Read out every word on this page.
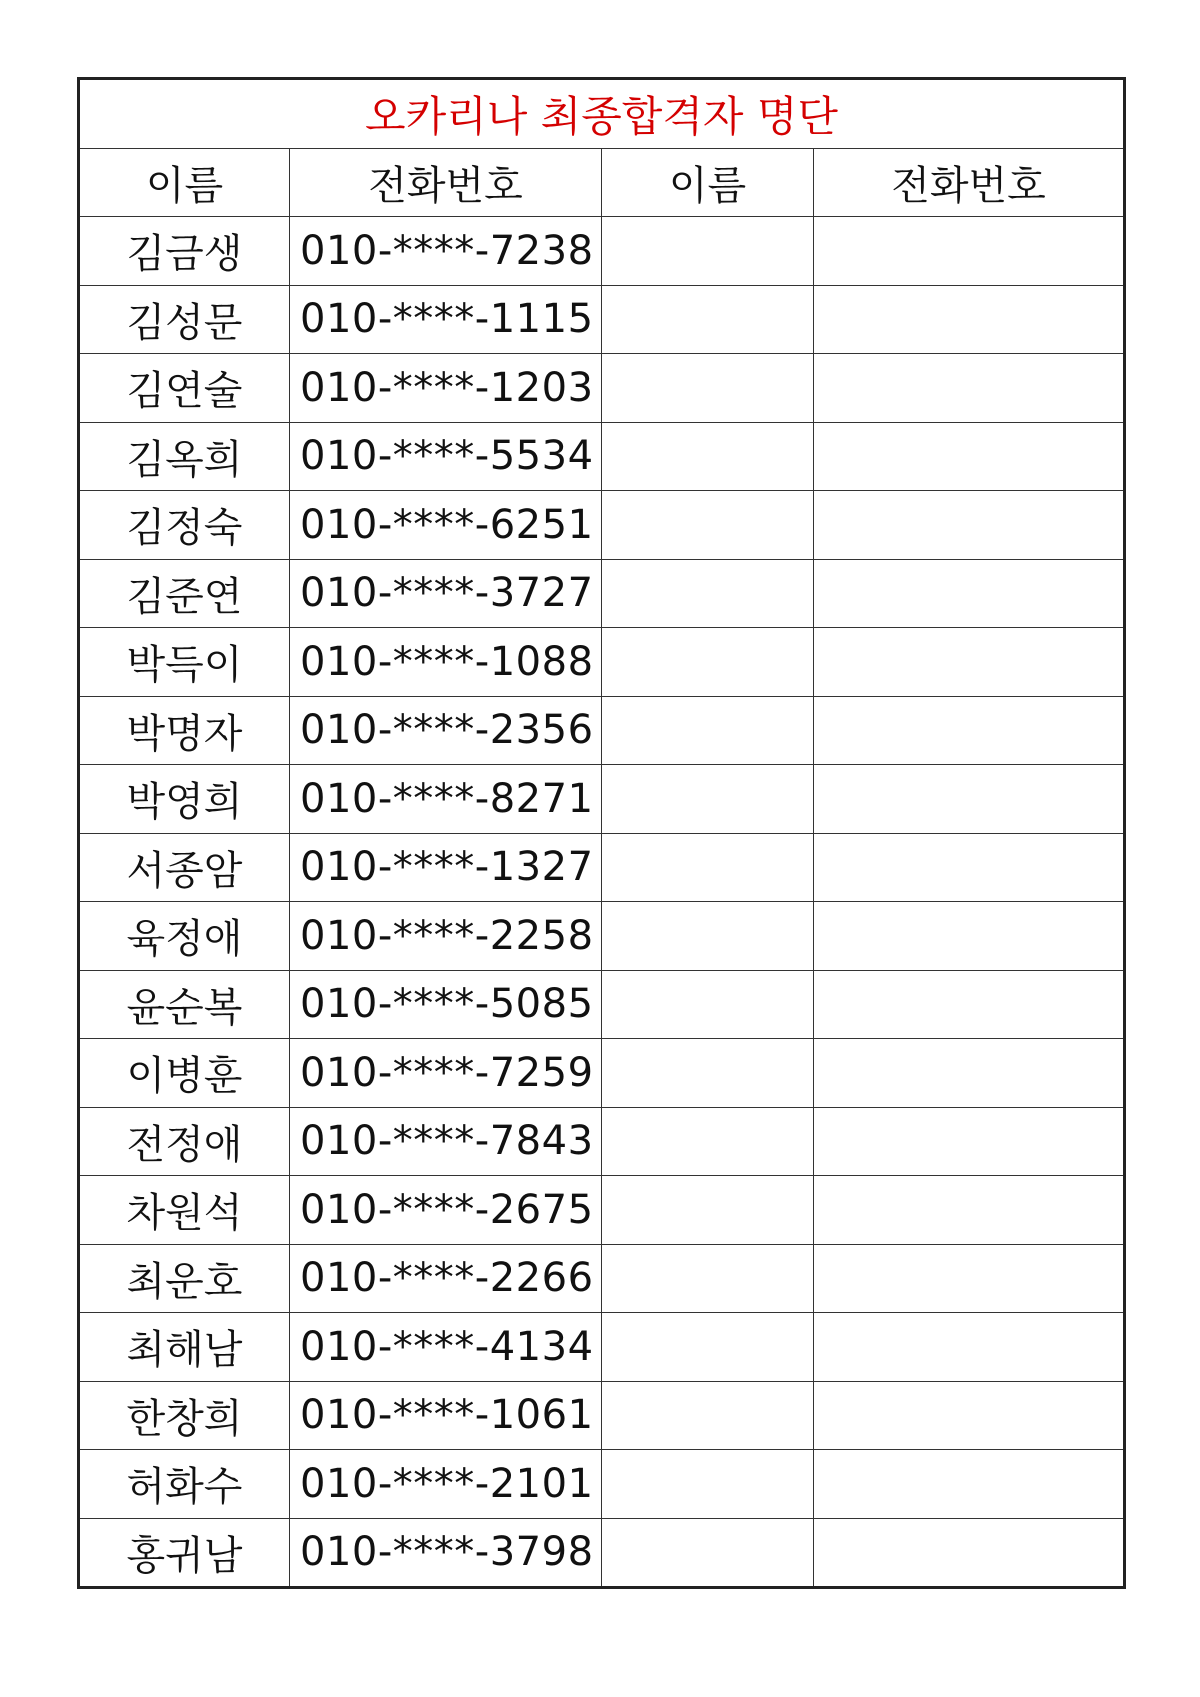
오카리나 최종합격자 명단			
이름	전화번호	이름	전화번호
김금생	010-****-7238		
김성문	010-****-1115		
김연술	010-****-1203		
김옥희	010-****-5534		
김정숙	010-****-6251		
김준연	010-****-3727		
박득이	010-****-1088		
박명자	010-****-2356		
박영희	010-****-8271		
서종암	010-****-1327		
육정애	010-****-2258		
윤순복	010-****-5085		
이병훈	010-****-7259		
전정애	010-****-7843		
차원석	010-****-2675		
최운호	010-****-2266		
최해남	010-****-4134		
한창희	010-****-1061		
허화수	010-****-2101		
홍귀남	010-****-3798		
